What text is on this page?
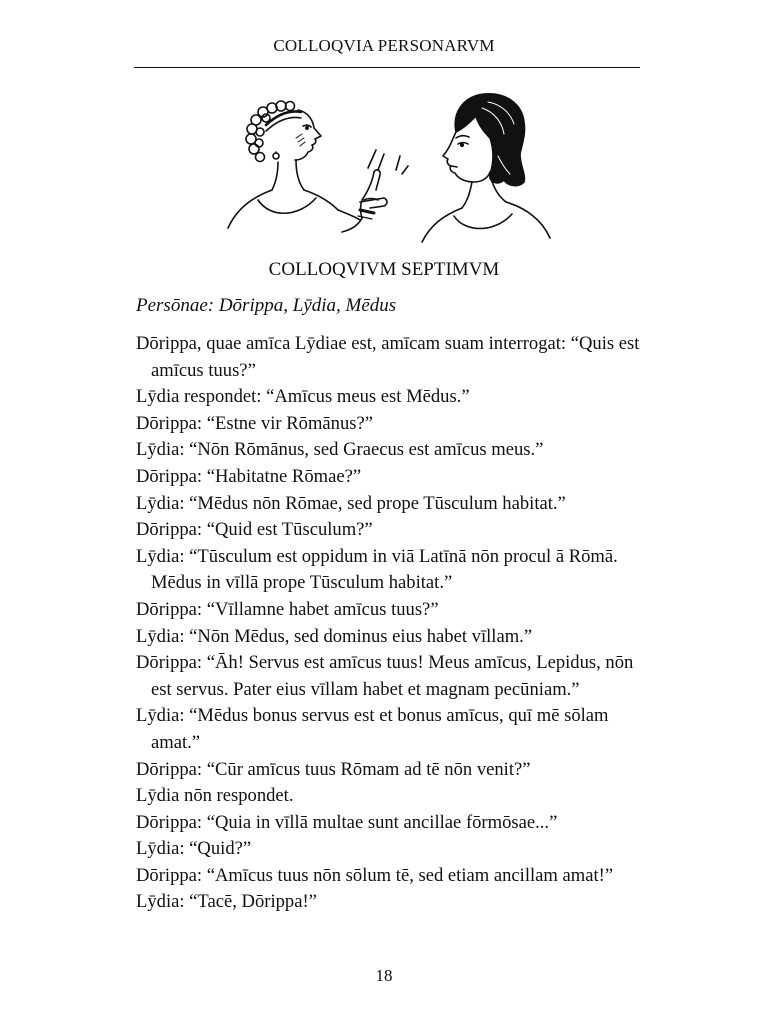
COLLOQVIA PERSONARVM
COLLOQVIVM SEPTIMVM
Persōnae: Dōrippa, Lȳdia, Mēdus
Dōrippa, quae amīca Lȳdiae est, amīcam suam interrogat: “Quis est amīcus tuus?”
Lȳdia respondet: “Amīcus meus est Mēdus.”
Dōrippa: “Estne vir Rōmānus?”
Lȳdia: “Nōn Rōmānus, sed Graecus est amīcus meus.”
Dōrippa: “Habitatne Rōmae?”
Lȳdia: “Mēdus nōn Rōmae, sed prope Tūsculum habitat.”
Dōrippa: “Quid est Tūsculum?”
Lȳdia: “Tūsculum est oppidum in viā Latīnā nōn procul ā Rōmā. Mēdus in vīllā prope Tūsculum habitat.”
Dōrippa: “Vīllamne habet amīcus tuus?”
Lȳdia: “Nōn Mēdus, sed dominus eius habet vīllam.”
Dōrippa: “Āh! Servus est amīcus tuus! Meus amīcus, Lepidus, nōn est servus. Pater eius vīllam habet et magnam pecūniam.”
Lȳdia: “Mēdus bonus servus est et bonus amīcus, quī mē sōlam amat.”
Dōrippa: “Cūr amīcus tuus Rōmam ad tē nōn venit?”
Lȳdia nōn respondet.
Dōrippa: “Quia in vīllā multae sunt ancillae fōrmōsae...”
Lȳdia: “Quid?”
Dōrippa: “Amīcus tuus nōn sōlum tē, sed etiam ancillam amat!”
Lȳdia: “Tacē, Dōrippa!”
18
